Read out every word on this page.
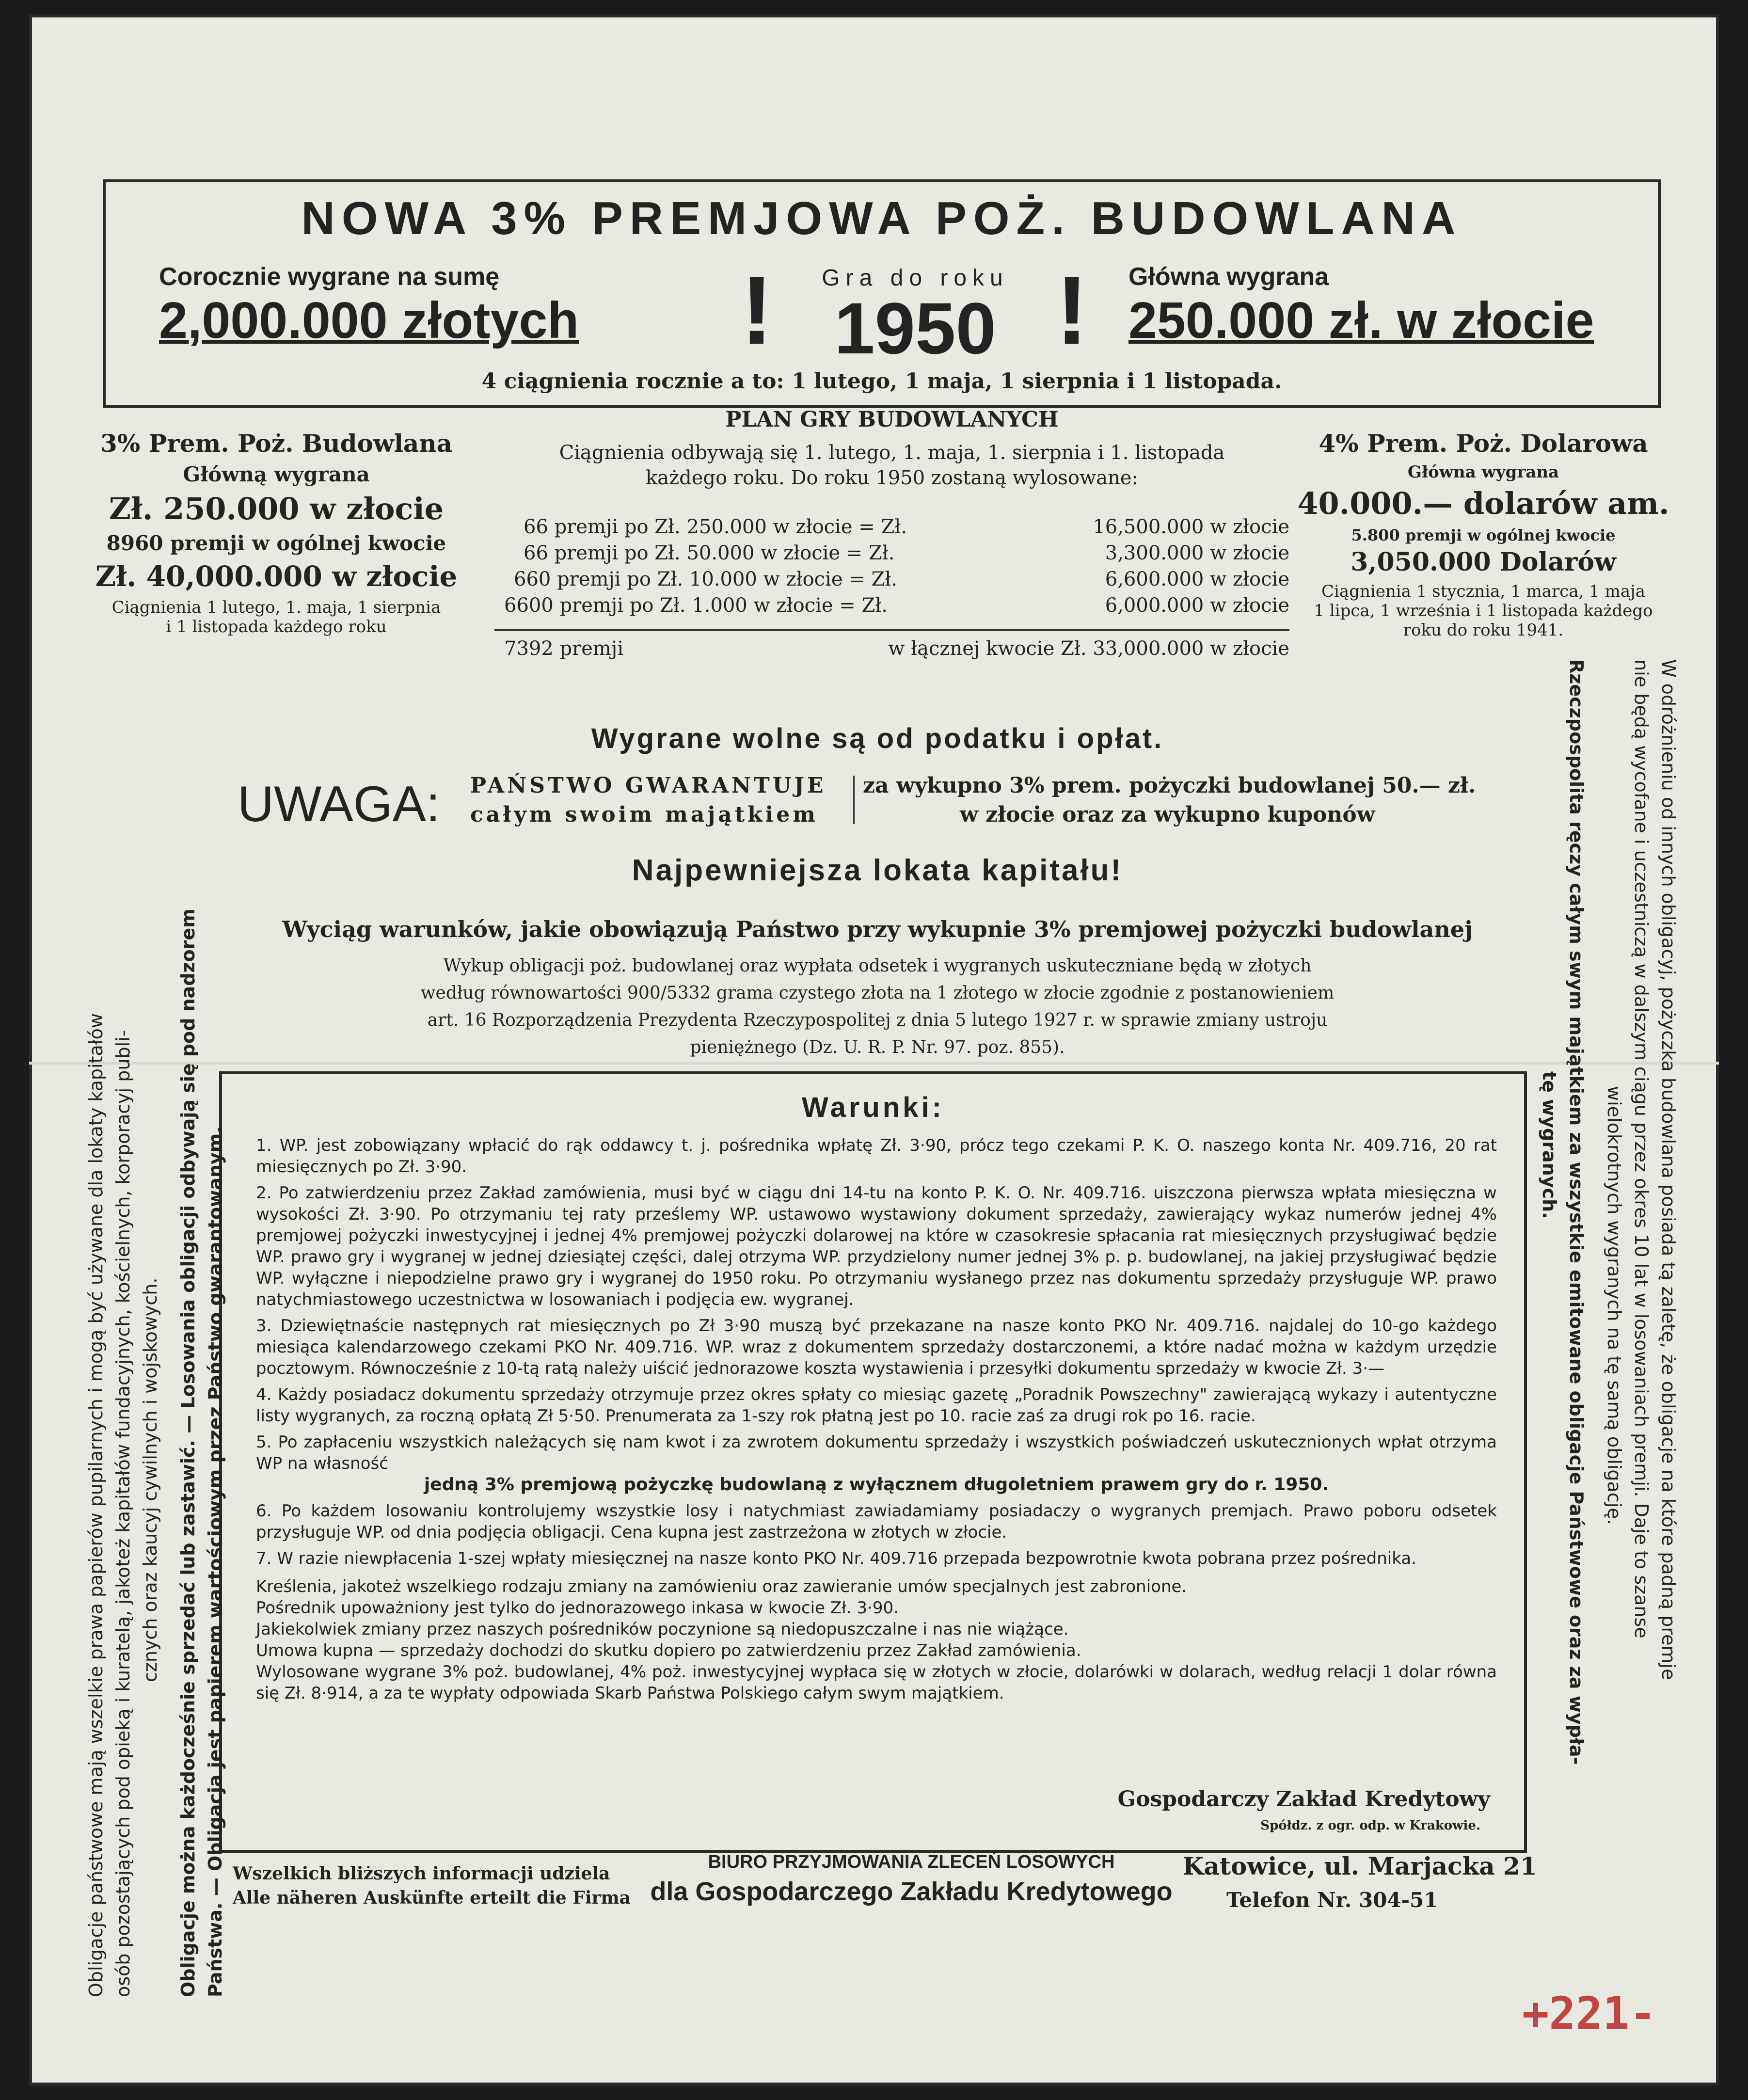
NOWA 3% PREMJOWA POŻ. BUDOWLANA
Corocznie wygrane na sumę
2,000.000 złotych !	Gra do roku
1950 ! Główna wygrana
250.000 zł. w złocie
4 ciągnienia rocznie a to: 1 lutego, 1 maja, 1 sierpnia i 1 listopada.
3% Prem. Poż. Budowlana
Główną wygrana
Zł. 250.000 w złocie
8960 premji w ogólnej kwocie
Zł. 40,000.000 w złocie
Ciągnienia 1 lutego, 1. maja, 1 sierpnia
i 1 listopada każdego roku
PLAN GRY BUDOWLANYCH
Ciągnienia odbywają się 1. lutego, 1. maja, 1. sierpnia i 1. listopada
każdego roku. Do roku 1950 zostaną wylosowane:
66 premji po Zł. 250.000 w złocie = Zł.	16,500.000 w złocie
66 premji po Zł. 50.000 w złocie = Zł.	3,300.000 w złocie
660 premji po Zł. 10.000 w złocie = Zł.	6,600.000 w złocie
6600 premji po Zł. 1.000 w złocie = Zł.	6,000.000 w złocie
7392 premji	w łącznej kwocie Zł. 33,000.000 w złocie
4% Prem. Poż. Dolarowa
Główna wygrana
40.000.— dolarów am.
5.800 premji w ogólnej kwocie
3,050.000 Dolarów
Ciągnienia 1 stycznia, 1 marca, 1 maja
1 lipca, 1 września i 1 listopada każdego
roku do roku 1941.
Wygrane wolne są od podatku i opłat.
UWAGA: PAŃSTWO GWARANTUJE
całym swoim majątkiem
za wykupno 3% prem. pożyczki budowlanej 50.— zł.
w złocie oraz za wykupno kuponów
Najpewniejsza lokata kapitału!
Wyciąg warunków, jakie obowiązują Państwo przy wykupnie 3% premjowej pożyczki budowlanej
Wykup obligacji poż. budowlanej oraz wypłata odsetek i wygranych uskuteczniane będą w złotych
według równowartości 900/5332 grama czystego złota na 1 złotego w złocie zgodnie z postanowieniem
art. 16 Rozporządzenia Prezydenta Rzeczypospolitej z dnia 5 lutego 1927 r. w sprawie zmiany ustroju
pieniężnego (Dz. U. R. P. Nr. 97. poz. 855).
Warunki:
1. WP. jest zobowiązany wpłacić do rąk oddawcy t. j. pośrednika wpłatę Zł. 3·90, prócz tego czekami P. K. O. naszego konta Nr. 409.716, 20 rat miesięcznych po Zł. 3·90.
2. Po zatwierdzeniu przez Zakład zamówienia, musi być w ciągu dni 14-tu na konto P. K. O. Nr. 409.716. uiszczona pierwsza wpłata miesięczna w wysokości Zł. 3·90. Po otrzymaniu tej raty prześlemy WP. ustawowo wystawiony dokument sprzedaży, zawierający wykaz numerów jednej 4% premjowej pożyczki inwestycyjnej i jednej 4% premjowej pożyczki dolarowej na które w czasokresie spłacania rat miesięcznych przysługiwać będzie WP. prawo gry i wygranej w jednej dziesiątej części, dalej otrzyma WP. przydzielony numer jednej 3% p. p. budowlanej, na jakiej przysługiwać będzie WP. wyłączne i niepodzielne prawo gry i wygranej do 1950 roku. Po otrzymaniu wysłanego przez nas dokumentu sprzedaży przysługuje WP. prawo natychmiastowego uczestnictwa w losowaniach i podjęcia ew. wygranej.
3. Dziewiętnaście następnych rat miesięcznych po Zł 3·90 muszą być przekazane na nasze konto PKO Nr. 409.716. najdalej do 10-go każdego miesiąca kalendarzowego czekami PKO Nr. 409.716. WP. wraz z dokumentem sprzedaży dostarczonemi, a które nadać można w każdym urzędzie pocztowym. Równocześnie z 10-tą ratą należy uiścić jednorazowe koszta wystawienia i przesyłki dokumentu sprzedaży w kwocie Zł. 3·—
4. Każdy posiadacz dokumentu sprzedaży otrzymuje przez okres spłaty co miesiąc gazetę „Poradnik Powszechny" zawierającą wykazy i autentyczne listy wygranych, za roczną opłatą Zł 5·50. Prenumerata za 1-szy rok płatną jest po 10. racie zaś za drugi rok po 16. racie.
5. Po zapłaceniu wszystkich należących się nam kwot i za zwrotem dokumentu sprzedaży i wszystkich poświadczeń uskutecznionych wpłat otrzyma WP na własność
jedną 3% premjową pożyczkę budowlaną z wyłącznem długoletniem prawem gry do r. 1950.
6. Po każdem losowaniu kontrolujemy wszystkie losy i natychmiast zawiadamiamy posiadaczy o wygranych premjach. Prawo poboru odsetek przysługuje WP. od dnia podjęcia obligacji. Cena kupna jest zastrzeżona w złotych w złocie.
7. W razie niewpłacenia 1-szej wpłaty miesięcznej na nasze konto PKO Nr. 409.716 przepada bezpowrotnie kwota pobrana przez pośrednika.
Kreślenia, jakoteż wszelkiego rodzaju zmiany na zamówieniu oraz zawieranie umów specjalnych jest zabronione.
Pośrednik upoważniony jest tylko do jednorazowego inkasa w kwocie Zł. 3·90.
Jakiekolwiek zmiany przez naszych pośredników poczynione są niedopuszczalne i nas nie wiążące.
Umowa kupna — sprzedaży dochodzi do skutku dopiero po zatwierdzeniu przez Zakład zamówienia.
Wylosowane wygrane 3% poż. budowlanej, 4% poż. inwestycyjnej wypłaca się w złotych w złocie, dolarówki w dolarach, według relacji 1 dolar równa się Zł. 8·914, a za te wypłaty odpowiada Skarb Państwa Polskiego całym swym majątkiem.
Gospodarczy Zakład Kredytowy
Spółdz. z ogr. odp. w Krakowie.
Wszelkich bliższych informacji udziela
Alle näheren Auskünfte erteilt die Firma
BIURO PRZYJMOWANIA ZLECEŃ LOSOWYCH
dla Gospodarczego Zakładu Kredytowego
Katowice, ul. Marjacka 21
Telefon Nr. 304-51
Obligacje państwowe mają wszelkie prawa papierów pupilarnych i mogą być używane dla lokaty kapitałów osób pozostających pod opieką i kuratelą, jakoteż kapitałów fundacyjnych, kościelnych, korporacyj publi- cznych oraz kaucyj cywilnych i wojskowych. Obligacje można każdocześnie sprzedać lub zastawić. — Losowania obligacji odbywają się pod nadzorem Państwa. — Obligacja jest papierem wartościowym przez Państwo gwarantowanym.	W odróżnieniu od innych obligacyj, pożyczka budowlana posiada tą zaletę, że obligacje na które padną premje
nie będą wycofane i uczestniczą w dalszym ciągu przez okres 10 lat w losowaniach premji. Daje to szanse
wielokrotnych wygranych na tę samą obligację.
Rzeczpospolita ręczy całym swym majątkiem za wszystkie emitowane obligacje Państwowe oraz za wypła-
tę wygranych.
+221-
